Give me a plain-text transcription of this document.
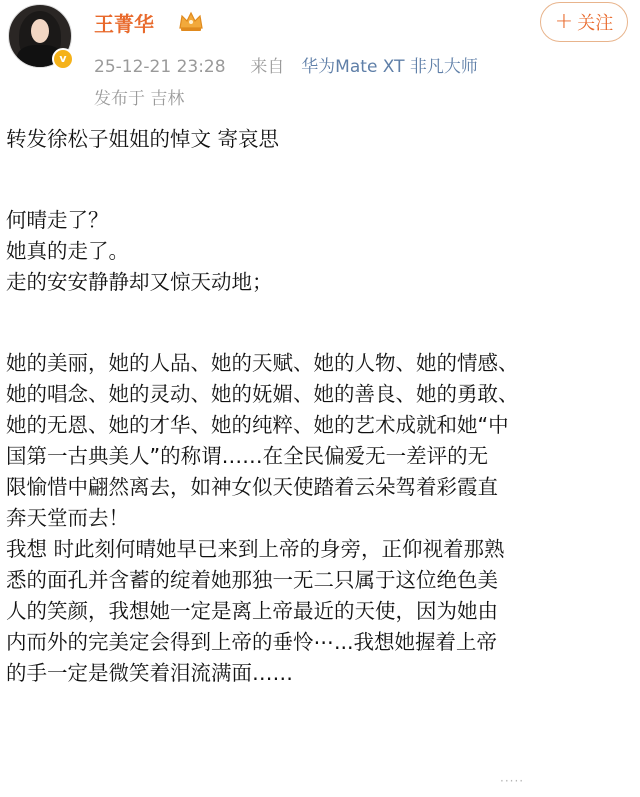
v
王菁华	+ 关注
25-12-21 23:28 来自 华为Mate XT 非凡大师
发布于 吉林

转发徐松子姐姐的悼文 寄哀思

何晴走了？

她真的走了。

走的安安静静却又惊天动地；

她的美丽，她的人品、她的天赋、她的人物、她的情感、

她的唱念、她的灵动、她的妩媚、她的善良、她的勇敢、

她的无恩、她的才华、她的纯粹、她的艺术成就和她“中

国第一古典美人”的称谓……在全民偏爱无一差评的无

限愉惜中翩然离去，如神女似天使踏着云朵驾着彩霞直

奔天堂而去！

我想 时此刻何晴她早已来到上帝的身旁，正仰视着那熟

悉的面孔并含蓄的绽着她那独一无二只属于这位绝色美

人的笑颜，我想她一定是离上帝最近的天使，因为她由

内而外的完美定会得到上帝的垂怜⋯...我想她握着上帝

的手一定是微笑着泪流满面……

·····
